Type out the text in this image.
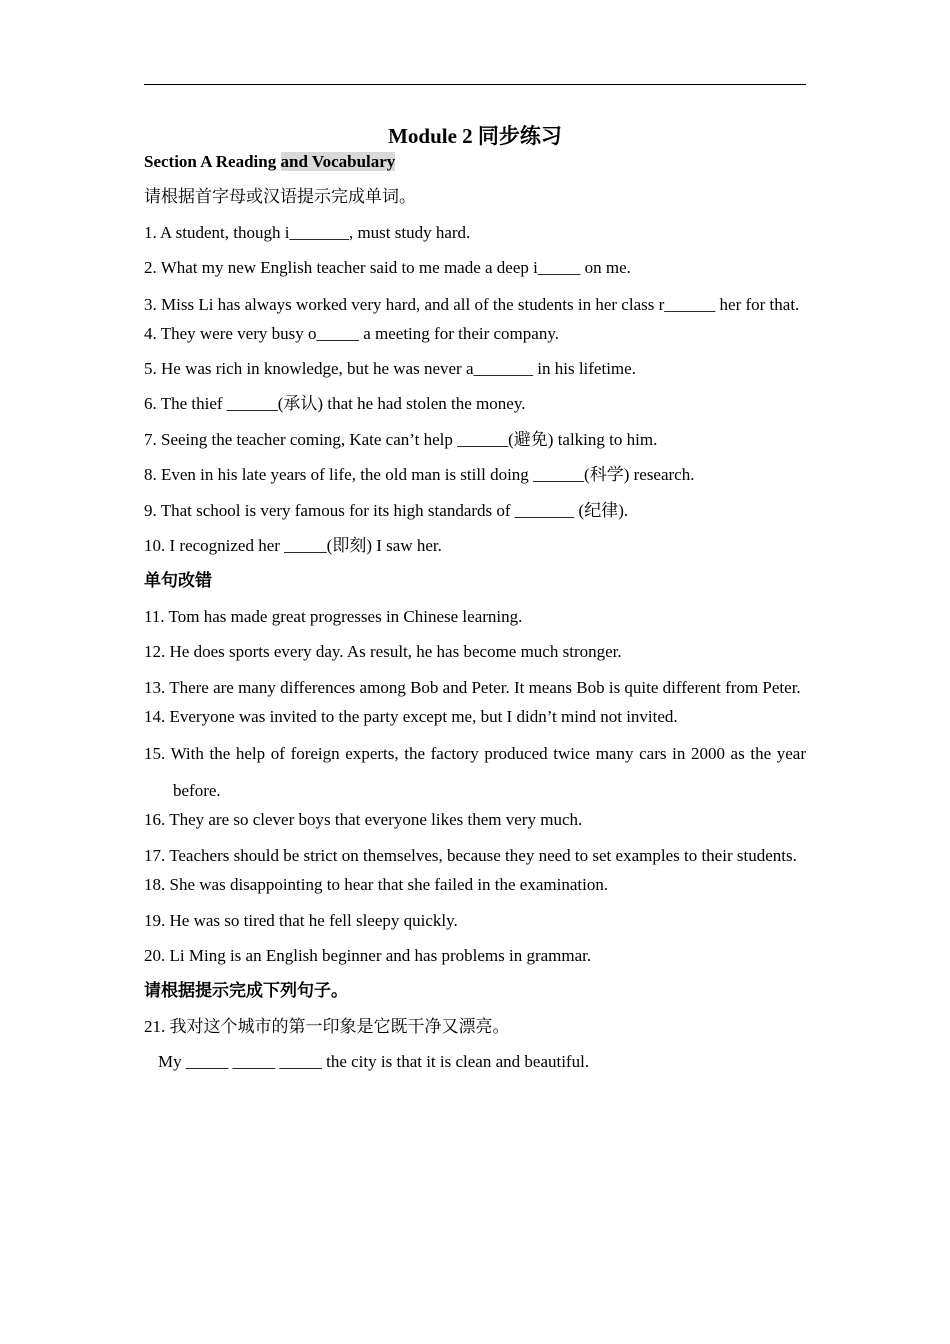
Module 2 同步练习
Section A Reading and Vocabulary
请根据首字母或汉语提示完成单词。
1. A student, though i_______, must study hard.
2. What my new English teacher said to me made a deep i_____ on me.
3. Miss Li has always worked very hard, and all of the students in her class r______ her for that.
4. They were very busy o_____ a meeting for their company.
5. He was rich in knowledge, but he was never a_______ in his lifetime.
6. The thief ______(承认) that he had stolen the money.
7. Seeing the teacher coming, Kate can’t help ______(避免) talking to him.
8. Even in his late years of life, the old man is still doing ______(科学) research.
9. That school is very famous for its high standards of _______ (纪律).
10. I recognized her _____(即刻) I saw her.
单句改错
11. Tom has made great progresses in Chinese learning.
12. He does sports every day. As result, he has become much stronger.
13. There are many differences among Bob and Peter. It means Bob is quite different from Peter.
14. Everyone was invited to the party except me, but I didn’t mind not invited.
15. With the help of foreign experts, the factory produced twice many cars in 2000 as the year before.
16. They are so clever boys that everyone likes them very much.
17. Teachers should be strict on themselves, because they need to set examples to their students.
18. She was disappointing to hear that she failed in the examination.
19. He was so tired that he fell sleepy quickly.
20. Li Ming is an English beginner and has problems in grammar.
请根据提示完成下列句子。
21. 我对这个城市的第一印象是它既干净又漂亮。
My _____ _____ _____ the city is that it is clean and beautiful.
